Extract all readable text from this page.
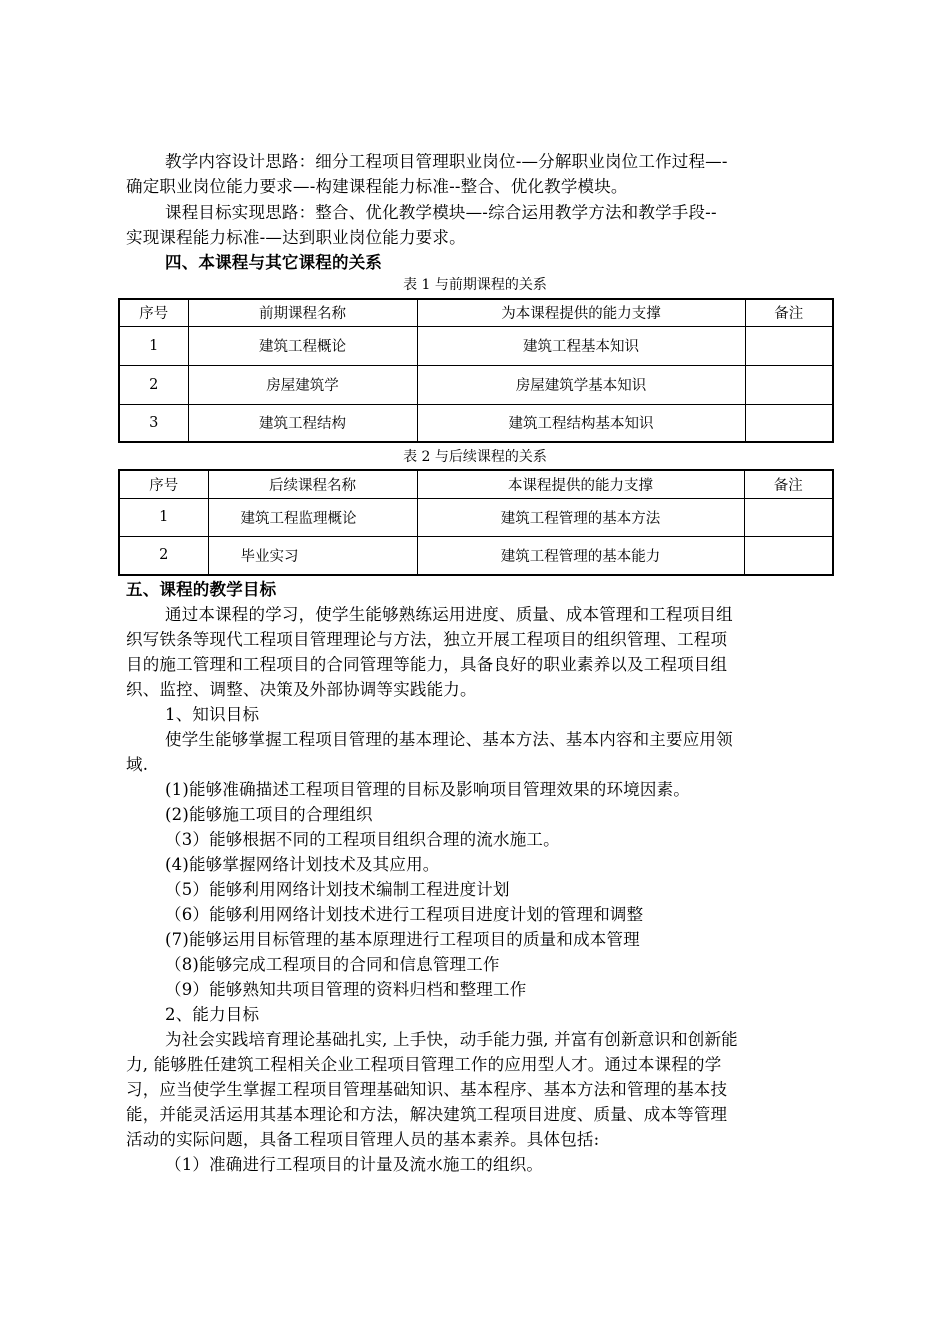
教学内容设计思路：细分工程项目管理职业岗位-—分解职业岗位工作过程—-
确定职业岗位能力要求—-构建课程能力标准--整合、优化教学模块。
课程目标实现思路：整合、优化教学模块—-综合运用教学方法和教学手段--
实现课程能力标准-—达到职业岗位能力要求。
四、本课程与其它课程的关系
表 1 与前期课程的关系
序号	前期课程名称	为本课程提供的能力支撑	备注
1	建筑工程概论	建筑工程基本知识	
2	房屋建筑学	房屋建筑学基本知识	
3	建筑工程结构	建筑工程结构基本知识	
表 2 与后续课程的关系
序号	后续课程名称	本课程提供的能力支撑	备注
1	建筑工程监理概论	建筑工程管理的基本方法	
2	毕业实习	建筑工程管理的基本能力	
五、课程的教学目标
通过本课程的学习，使学生能够熟练运用进度、质量、成本管理和工程项目组
织写铁条等现代工程项目管理理论与方法，独立开展工程项目的组织管理、工程项
目的施工管理和工程项目的合同管理等能力，具备良好的职业素养以及工程项目组
织、监控、调整、决策及外部协调等实践能力。
1、知识目标
使学生能够掌握工程项目管理的基本理论、基本方法、基本内容和主要应用领
域.
(1)能够准确描述工程项目管理的目标及影响项目管理效果的环境因素。
(2)能够施工项目的合理组织
（3）能够根据不同的工程项目组织合理的流水施工。
(4)能够掌握网络计划技术及其应用。
（5）能够利用网络计划技术编制工程进度计划
（6）能够利用网络计划技术进行工程项目进度计划的管理和调整
(7)能够运用目标管理的基本原理进行工程项目的质量和成本管理
（8)能够完成工程项目的合同和信息管理工作
（9）能够熟知共项目管理的资料归档和整理工作
2、能力目标
为社会实践培育理论基础扎实, 上手快，动手能力强, 并富有创新意识和创新能
力, 能够胜任建筑工程相关企业工程项目管理工作的应用型人才。通过本课程的学
习，应当使学生掌握工程项目管理基础知识、基本程序、基本方法和管理的基本技
能，并能灵活运用其基本理论和方法，解决建筑工程项目进度、质量、成本等管理
活动的实际问题，具备工程项目管理人员的基本素养。具体包括:
（1）准确进行工程项目的计量及流水施工的组织。
